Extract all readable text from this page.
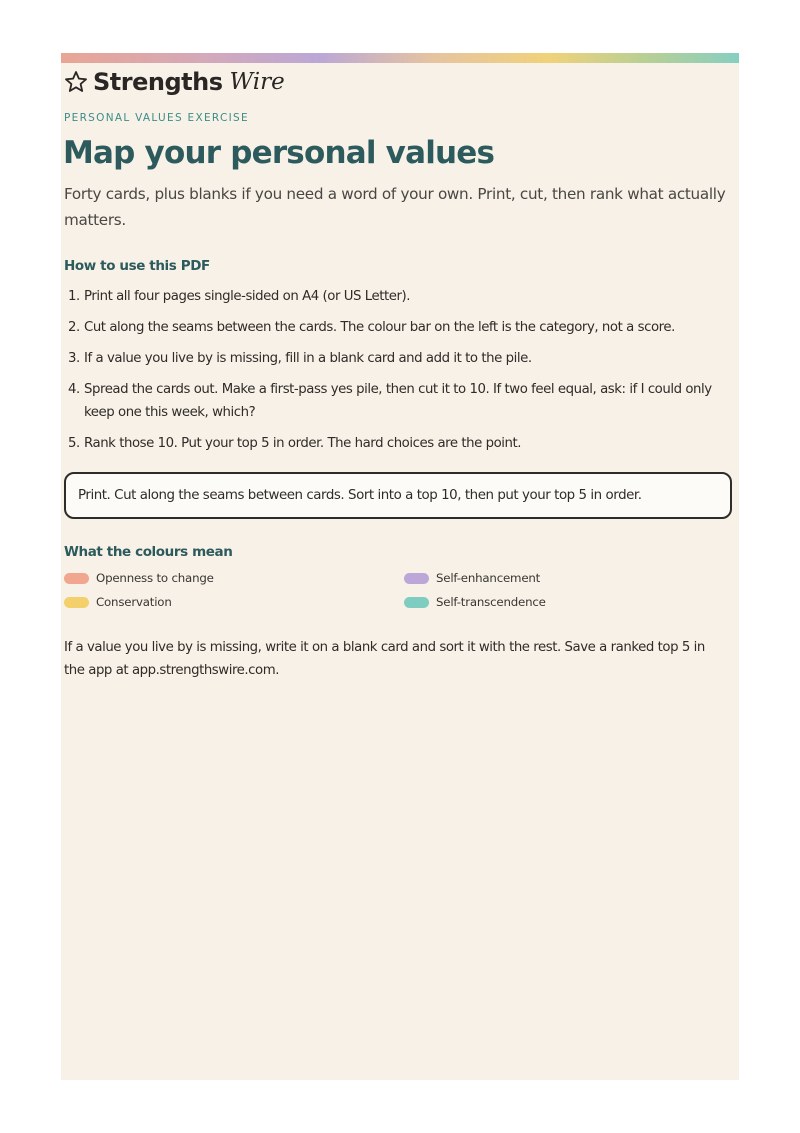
Strengths Wire
PERSONAL VALUES EXERCISE
Map your personal values

Forty cards, plus blanks if you need a word of your own. Print, cut, then rank what actually matters.

How to use this PDF
1. Print all four pages single-sided on A4 (or US Letter).
2. Cut along the seams between the cards. The colour bar on the left is the category, not a score.
3. If a value you live by is missing, fill in a blank card and add it to the pile.
4. Spread the cards out. Make a first-pass yes pile, then cut it to 10. If two feel equal, ask: if I could only keep one this week, which?
5. Rank those 10. Put your top 5 in order. The hard choices are the point.
Print. Cut along the seams between cards. Sort into a top 10, then put your top 5 in order.
What the colours mean
Openness to change	Self-enhancement
Conservation	Self-transcendence

If a value you live by is missing, write it on a blank card and sort it with the rest. Save a ranked top 5 in the app at app.strengthswire.com.
